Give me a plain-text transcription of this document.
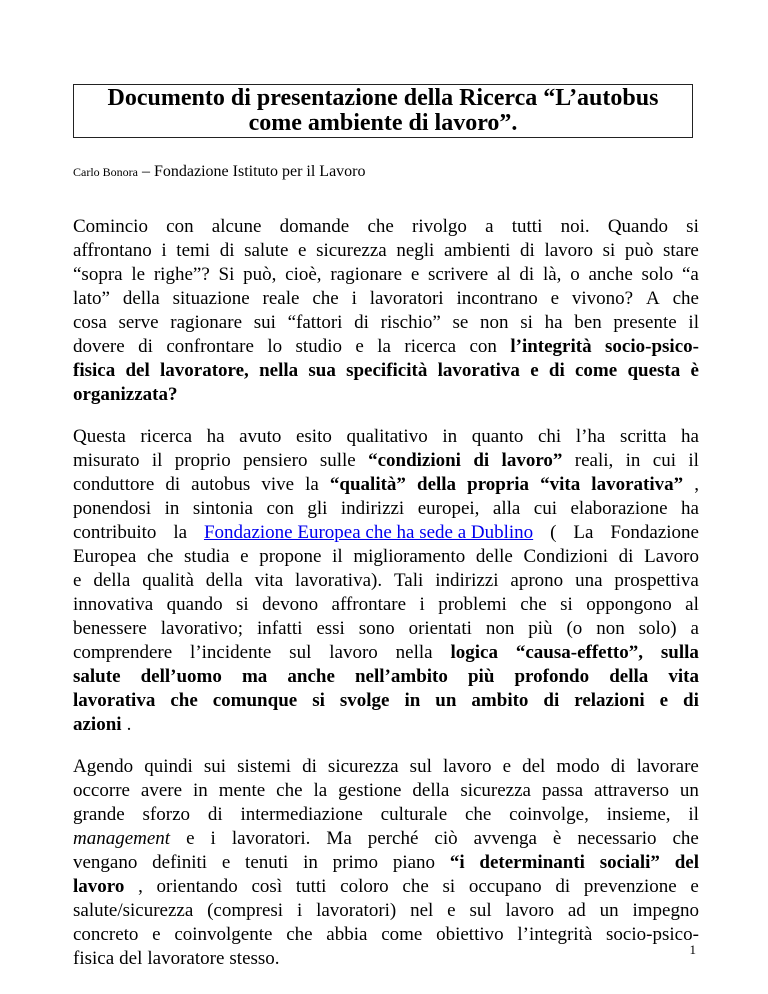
Documento di presentazione della Ricerca “L’autobus
come ambiente di lavoro”.
Carlo Bonora – Fondazione Istituto per il Lavoro
Comincio con alcune domande che rivolgo a tutti noi. Quando si
affrontano i temi di salute e sicurezza negli ambienti di lavoro si può stare
“sopra le righe”? Si può, cioè, ragionare e scrivere al di là, o anche solo “a
lato” della situazione reale che i lavoratori incontrano e vivono? A che
cosa serve ragionare sui “fattori di rischio” se non si ha ben presente il
dovere di confrontare lo studio e la ricerca con l’integrità socio-psico-
fisica del lavoratore, nella sua specificità lavorativa e di come questa è
organizzata?
Questa ricerca ha avuto esito qualitativo in quanto chi l’ha scritta ha
misurato il proprio pensiero sulle “condizioni di lavoro” reali, in cui il
conduttore di autobus vive la “qualità” della propria “vita lavorativa” ,
ponendosi in sintonia con gli indirizzi europei, alla cui elaborazione ha
contribuito la Fondazione Europea che ha sede a Dublino ( La Fondazione
Europea che studia e propone il miglioramento delle Condizioni di Lavoro
e della qualità della vita lavorativa). Tali indirizzi aprono una prospettiva
innovativa quando si devono affrontare i problemi che si oppongono al
benessere lavorativo; infatti essi sono orientati non più (o non solo) a
comprendere l’incidente sul lavoro nella logica “causa-effetto”, sulla
salute dell’uomo ma anche nell’ambito più profondo della vita
lavorativa che comunque si svolge in un ambito di relazioni e di
azioni .
Agendo quindi sui sistemi di sicurezza sul lavoro e del modo di lavorare
occorre avere in mente che la gestione della sicurezza passa attraverso un
grande sforzo di intermediazione culturale che coinvolge, insieme, il
management e i lavoratori. Ma perché ciò avvenga è necessario che
vengano definiti e tenuti in primo piano “i determinanti sociali” del
lavoro , orientando così tutti coloro che si occupano di prevenzione e
salute/sicurezza (compresi i lavoratori) nel e sul lavoro ad un impegno
concreto e coinvolgente che abbia come obiettivo l’integrità socio-psico-
fisica del lavoratore stesso.	1
